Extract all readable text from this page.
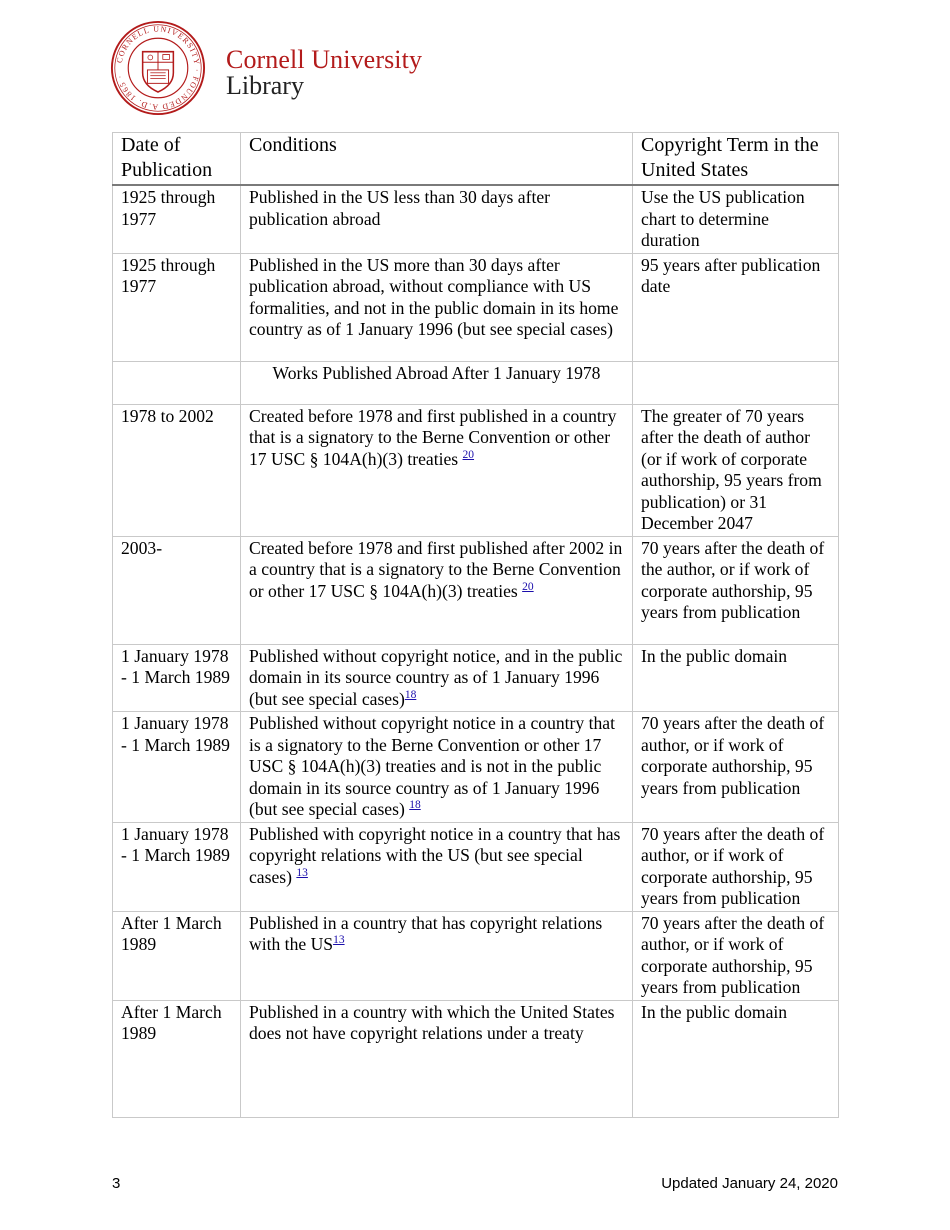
CORNELL UNIVERSITY · FOUNDED A.D. 1865 ·
Cornell University
Library
Date of Publication	Conditions	Copyright Term in the United States
1925 through 1977	Published in the US less than 30 days after publication abroad	Use the US publication chart to determine duration
1925 through 1977	Published in the US more than 30 days after publication abroad, without compliance with US formalities, and not in the public domain in its home country as of 1 January 1996 (but see special cases)	95 years after publication date
	Works Published Abroad After 1 January 1978	
1978 to 2002	Created before 1978 and first published in a country that is a signatory to the Berne Convention or other 17 USC § 104A(h)(3) treaties $^{20}$	The greater of 70 years after the death of author (or if work of corporate authorship, 95 years from publication) or 31 December 2047
2003-	Created before 1978 and first published after 2002 in a country that is a signatory to the Berne Convention or other 17 USC § 104A(h)(3) treaties $^{20}$	70 years after the death of the author, or if work of corporate authorship, 95 years from publication
1 January 1978 - 1 March 1989	Published without copyright notice, and in the public domain in its source country as of 1 January 1996 (but see special cases)$^{18}$	In the public domain
1 January 1978 - 1 March 1989	Published without copyright notice in a country that is a signatory to the Berne Convention or other 17 USC § 104A(h)(3) treaties and is not in the public domain in its source country as of 1 January 1996 (but see special cases) $^{18}$	70 years after the death of author, or if work of corporate authorship, 95 years from publication
1 January 1978 - 1 March 1989	Published with copyright notice in a country that has copyright relations with the US (but see special cases) $^{13}$	70 years after the death of author, or if work of corporate authorship, 95 years from publication
After 1 March 1989	Published in a country that has copyright relations with the US$^{13}$	70 years after the death of author, or if work of corporate authorship, 95 years from publication
After 1 March 1989	Published in a country with which the United States does not have copyright relations under a treaty	In the public domain
3	Updated January 24, 2020
